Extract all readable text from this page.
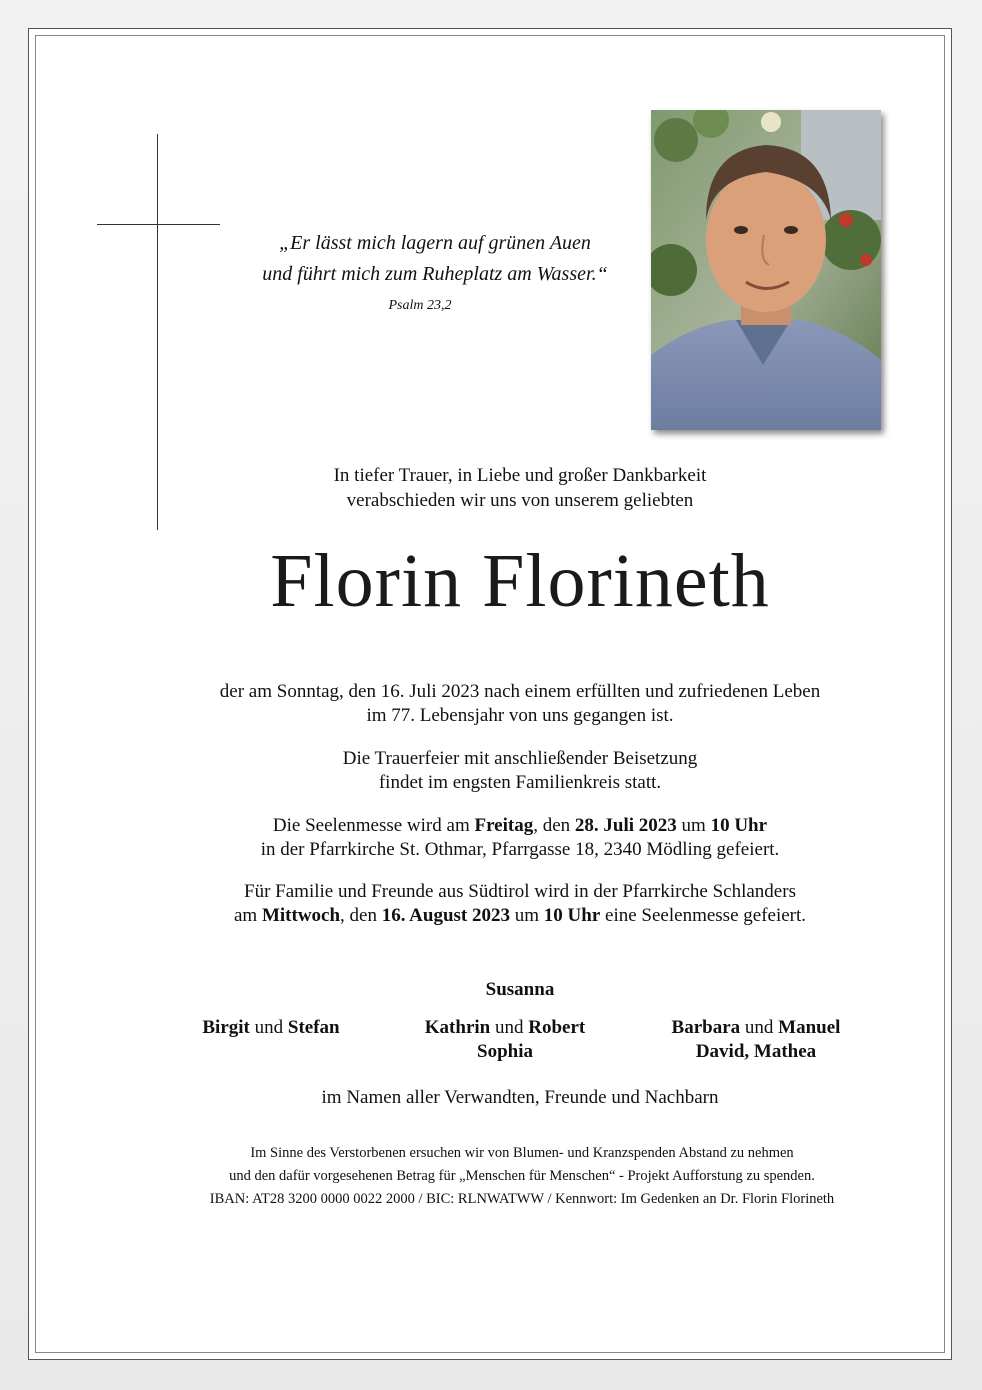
„Er lässt mich lagern auf grünen Auen
und führt mich zum Ruheplatz am Wasser.“
Psalm 23,2
In tiefer Trauer, in Liebe und großer Dankbarkeit
verabschieden wir uns von unserem geliebten
Florin Florineth
der am Sonntag, den 16. Juli 2023 nach einem erfüllten und zufriedenen Leben
im 77. Lebensjahr von uns gegangen ist.
Die Trauerfeier mit anschließender Beisetzung
findet im engsten Familienkreis statt.
Die Seelenmesse wird am Freitag, den 28. Juli 2023 um 10 Uhr
in der Pfarrkirche St. Othmar, Pfarrgasse 18, 2340 Mödling gefeiert.
Für Familie und Freunde aus Südtirol wird in der Pfarrkirche Schlanders
am Mittwoch, den 16. August 2023 um 10 Uhr eine Seelenmesse gefeiert.
Susanna
Birgit und Stefan	Kathrin und Robert
Sophia
Barbara und Manuel
David, Mathea
im Namen aller Verwandten, Freunde und Nachbarn
Im Sinne des Verstorbenen ersuchen wir von Blumen- und Kranzspenden Abstand zu nehmen
und den dafür vorgesehenen Betrag für „Menschen für Menschen“ - Projekt Aufforstung zu spenden.
IBAN: AT28 3200 0000 0022 2000 / BIC: RLNWATWW / Kennwort: Im Gedenken an Dr. Florin Florineth
